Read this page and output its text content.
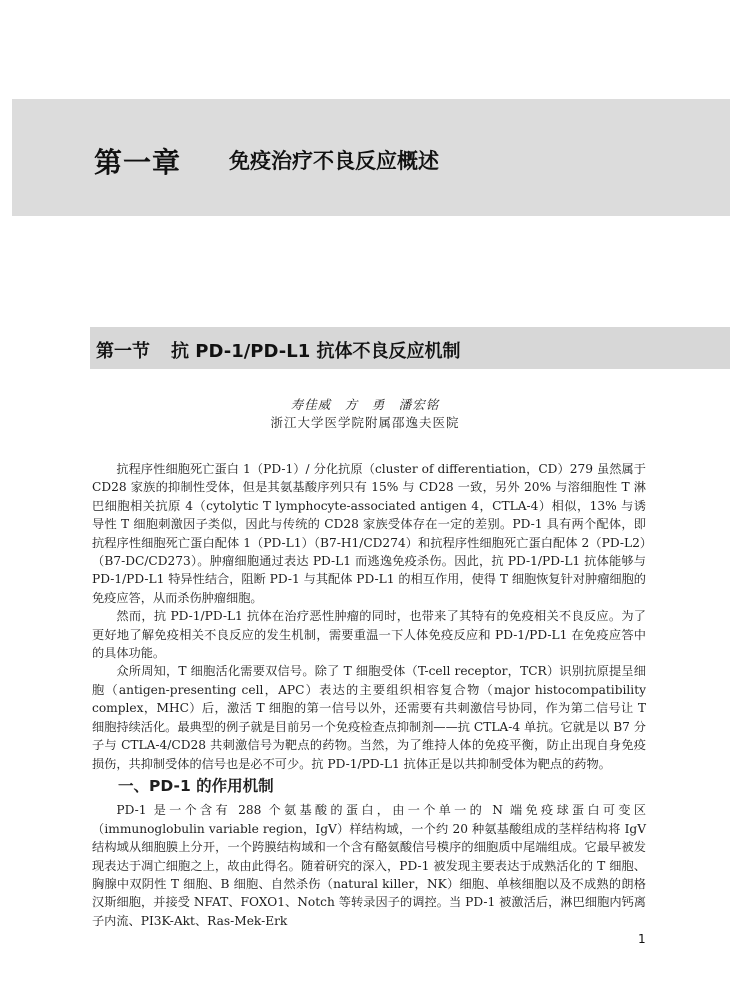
第一章 免疫治疗不良反应概述
第一节 抗 PD-1/PD-L1 抗体不良反应机制
寿佳威　方　勇　潘宏铭
浙江大学医学院附属邵逸夫医院

抗程序性细胞死亡蛋白 1（PD-1）/ 分化抗原（cluster of differentiation，CD）279 虽然属于 CD28 家族的抑制性受体，但是其氨基酸序列只有 15% 与 CD28 一致，另外 20% 与溶细胞性 T 淋巴细胞相关抗原 4（cytolytic T lymphocyte-associated antigen 4，CTLA-4）相似，13% 与诱导性 T 细胞刺激因子类似，因此与传统的 CD28 家族受体存在一定的差别。PD-1 具有两个配体，即抗程序性细胞死亡蛋白配体 1（PD-L1）（B7-H1/CD274）和抗程序性细胞死亡蛋白配体 2（PD-L2）（B7-DC/CD273）。肿瘤细胞通过表达 PD-L1 而逃逸免疫杀伤。因此，抗 PD-1/PD-L1 抗体能够与 PD-1/PD-L1 特异性结合，阻断 PD-1 与其配体 PD-L1 的相互作用，使得 T 细胞恢复针对肿瘤细胞的免疫应答，从而杀伤肿瘤细胞。

然而，抗 PD-1/PD-L1 抗体在治疗恶性肿瘤的同时，也带来了其特有的免疫相关不良反应。为了更好地了解免疫相关不良反应的发生机制，需要重温一下人体免疫反应和 PD-1/PD-L1 在免疫应答中的具体功能。

众所周知，T 细胞活化需要双信号。除了 T 细胞受体（T-cell receptor，TCR）识别抗原提呈细胞（antigen-presenting cell，APC）表达的主要组织相容复合物（major histocompatibility complex，MHC）后，激活 T 细胞的第一信号以外，还需要有共刺激信号协同，作为第二信号让 T 细胞持续活化。最典型的例子就是目前另一个免疫检查点抑制剂——抗 CTLA-4 单抗。它就是以 B7 分子与 CTLA-4/CD28 共刺激信号为靶点的药物。当然，为了维持人体的免疫平衡，防止出现自身免疫损伤，共抑制受体的信号也是必不可少。抗 PD-1/PD-L1 抗体正是以共抑制受体为靶点的药物。

一、PD-1 的作用机制

PD-1 是一个含有 288 个氨基酸的蛋白，由一个单一的 N 端免疫球蛋白可变区（immunoglobulin variable region，IgV）样结构域，一个约 20 种氨基酸组成的茎样结构将 IgV 结构域从细胞膜上分开，一个跨膜结构域和一个含有酪氨酸信号模序的细胞质中尾端组成。它最早被发现表达于凋亡细胞之上，故由此得名。随着研究的深入，PD-1 被发现主要表达于成熟活化的 T 细胞、胸腺中双阴性 T 细胞、B 细胞、自然杀伤（natural killer，NK）细胞、单核细胞以及不成熟的朗格汉斯细胞，并接受 NFAT、FOXO1、Notch 等转录因子的调控。当 PD-1 被激活后，淋巴细胞内钙离子内流、PI3K-Akt、Ras-Mek-Erk

1
